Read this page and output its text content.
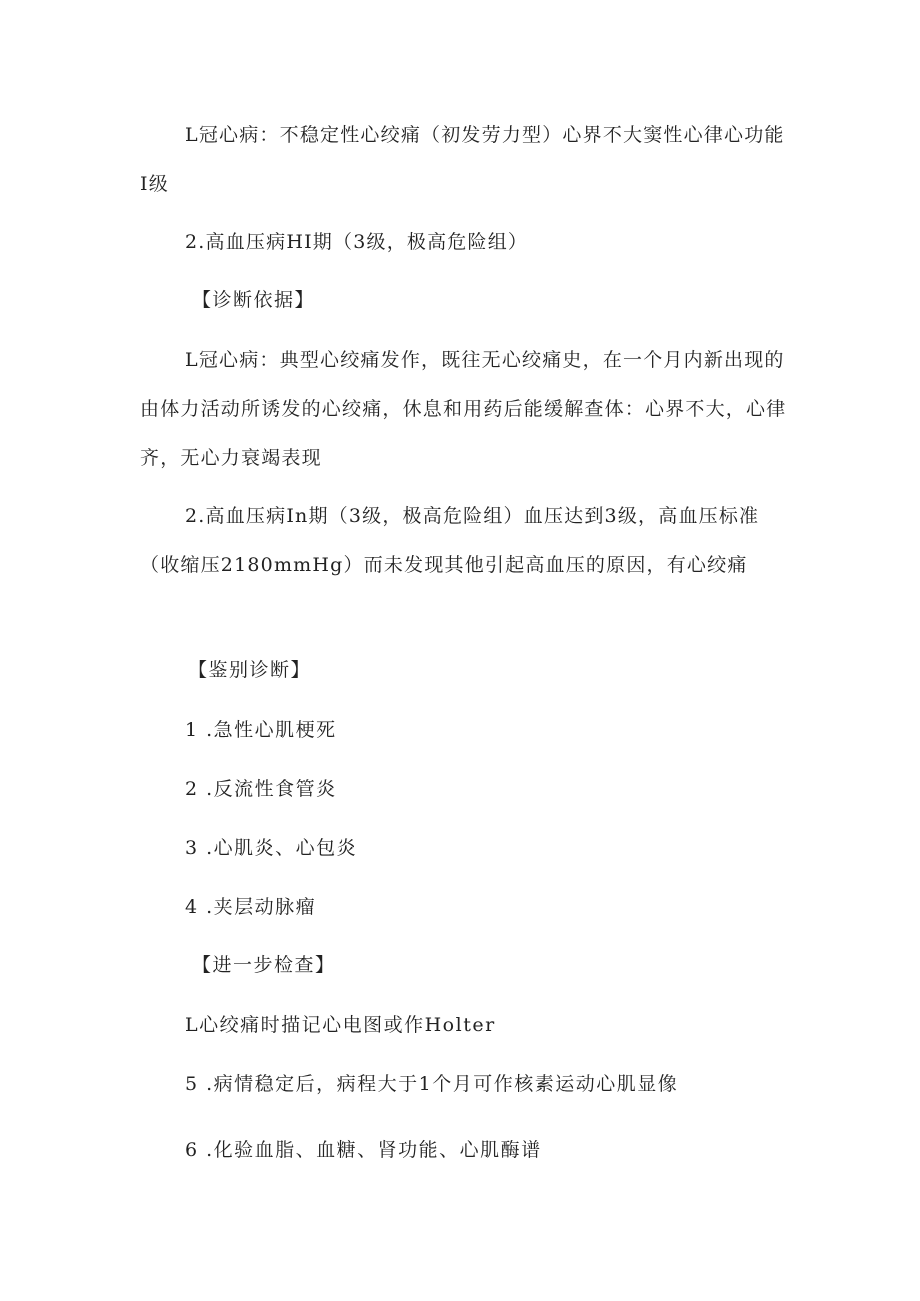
L冠心病：不稳定性心绞痛（初发劳力型）心界不大窦性心律心功能Ⅰ级

2.高血压病HI期（3级，极高危险组）

【诊断依据】

L冠心病：典型心绞痛发作，既往无心绞痛史，在一个月内新出现的由体力活动所诱发的心绞痛，休息和用药后能缓解查体：心界不大，心律齐，无心力衰竭表现

2.高血压病In期（3级，极高危险组）血压达到3级，高血压标准（收缩压2180mmHg）而未发现其他引起高血压的原因，有心绞痛

【鉴别诊断】

1 .急性心肌梗死

2 .反流性食管炎

3 .心肌炎、心包炎

4 .夹层动脉瘤

【进一步检查】

L心绞痛时描记心电图或作Holter

5 .病情稳定后，病程大于1个月可作核素运动心肌显像

6 .化验血脂、血糖、肾功能、心肌酶谱
